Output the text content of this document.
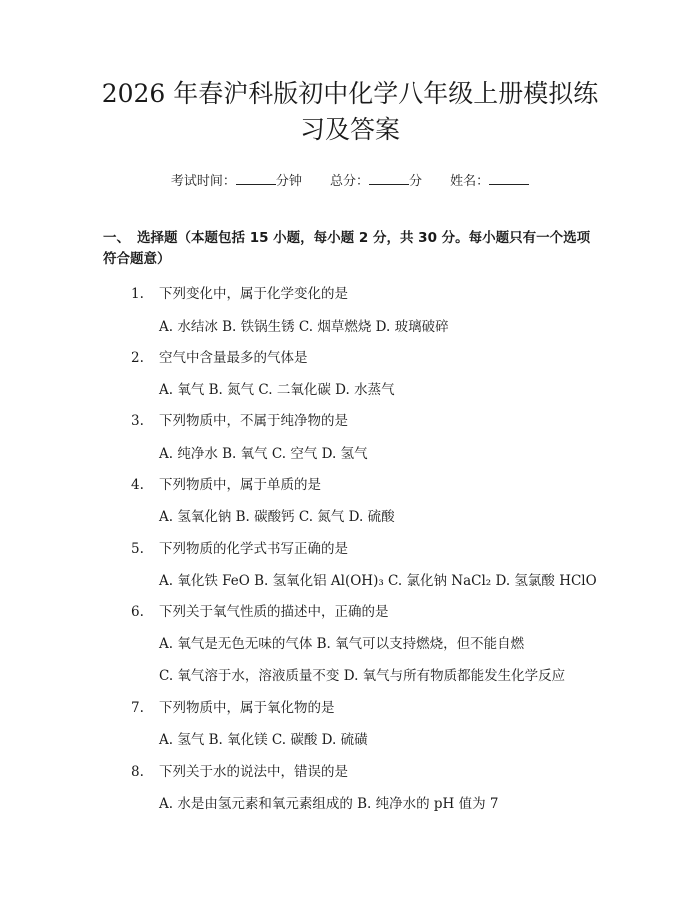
2026 年春沪科版初中化学八年级上册模拟练
习及答案
考试时间：	分钟 总分：	分 姓名：
一、 选择题（本题包括 15 小题，每小题 2 分，共 30 分。每小题只有一个选项符合题意）
1. 下列变化中，属于化学变化的是
A. 水结冰 B. 铁锅生锈 C. 烟草燃烧 D. 玻璃破碎
2. 空气中含量最多的气体是
A. 氧气 B. 氮气 C. 二氧化碳 D. 水蒸气
3. 下列物质中，不属于纯净物的是
A. 纯净水 B. 氧气 C. 空气 D. 氢气
4. 下列物质中，属于单质的是
A. 氢氧化钠 B. 碳酸钙 C. 氮气 D. 硫酸
5. 下列物质的化学式书写正确的是
A. 氧化铁 FeO B. 氢氧化铝 Al(OH)₃ C. 氯化钠 NaCl₂ D. 氢氯酸 HClO
6. 下列关于氧气性质的描述中，正确的是
A. 氧气是无色无味的气体 B. 氧气可以支持燃烧，但不能自燃
C. 氧气溶于水，溶液质量不变 D. 氧气与所有物质都能发生化学反应
7. 下列物质中，属于氧化物的是
A. 氢气 B. 氧化镁 C. 碳酸 D. 硫磺
8. 下列关于水的说法中，错误的是
A. 水是由氢元素和氧元素组成的 B. 纯净水的 pH 值为 7
